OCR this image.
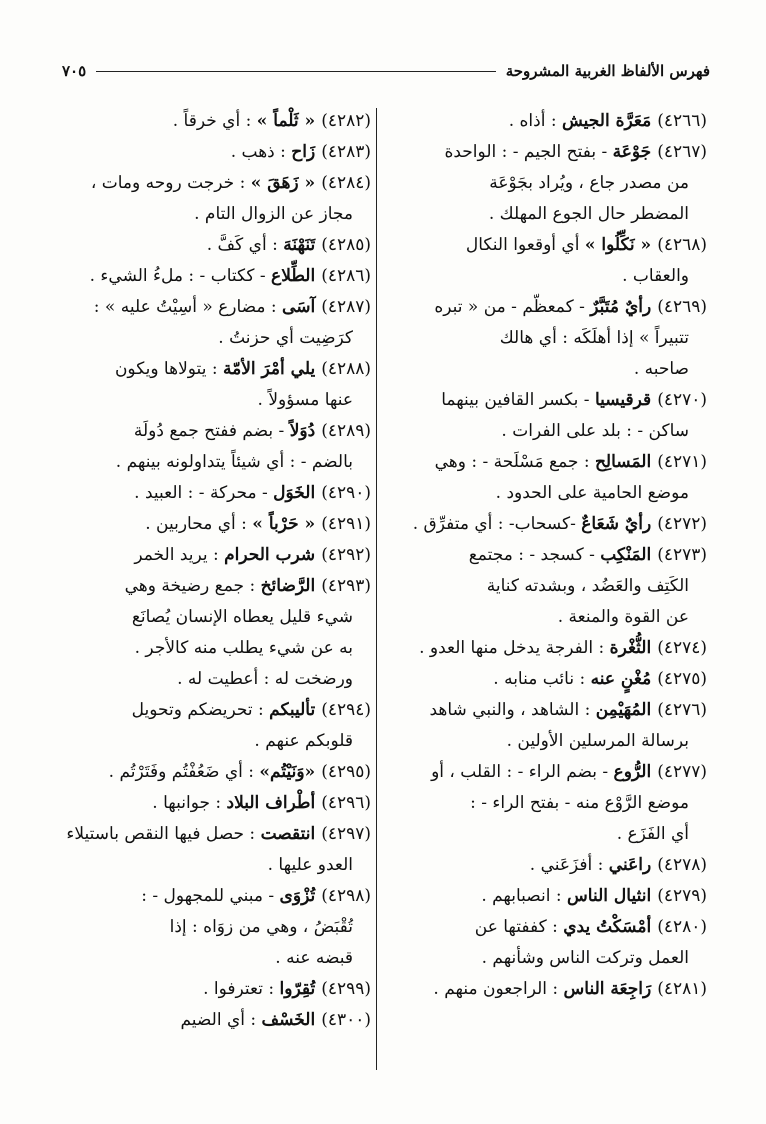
فهرس الألفاظ الغربية المشروحة
٧٠٥
(٤٢٦٦)مَعَرَّة الجيش : أذاه .
(٤٢٦٧)جَوْعَة - بفتح الجيم - : الواحدة
من مصدر جاع ، ويُراد بجَوْعَة
المضطر حال الجوع المهلك .
(٤٢٦٨)« نَكِّلُوا » أي أوقعوا النكال
والعقاب .
(٤٢٦٩)رأيٌ مُتَبَّرٌ - كمعظّم - من « تبره
تتبيراً » إذا أهلَكَه : أي هالك
صاحبه .
(٤٢٧٠)قرقيسيا - بكسر القافين بينهما
ساكن - : بلد على الفرات .
(٤٢٧١)المَسالِح : جمع مَسْلَحة - : وهي
موضع الحامية على الحدود .
(٤٢٧٢)رأيٌ شَعَاعٌ -كسحاب- : أي متفرِّق .
(٤٢٧٣)المَنْكِب - كسجد - : مجتمع
الكَتِف والعَضُد ، وبشدته كناية
عن القوة والمنعة .
(٤٢٧٤)الثُّغْرة : الفرجة يدخل منها العدو .
(٤٢٧٥)مُغْنٍ عنه : نائب منابه .
(٤٢٧٦)المُهَيْمِن : الشاهد ، والنبي شاهد
برسالة المرسلين الأولين .
(٤٢٧٧)الرُّوع - بضم الراء - : القلب ، أو
موضع الرَّوْع منه - بفتح الراء - :
أي الفَزَع .
(٤٢٧٨)راعَني : أفزَعَني .
(٤٢٧٩)انثيال الناس : انصبابهم .
(٤٢٨٠)أمْسَكْتُ يدي : كففتها عن
العمل وتركت الناس وشأنهم .
(٤٢٨١)رَاجِعَة الناس : الراجعون منهم .
(٤٢٨٢)« ثَلْماً » : أي خرقاً .
(٤٢٨٣)زَاح : ذهب .
(٤٢٨٤)« زَهَقَ » : خرجت روحه ومات ،
مجاز عن الزوال التام .
(٤٢٨٥)تَنَهْنَهَ : أي كَفَّ .
(٤٢٨٦)الطِّلاع - ككتاب - : ملءُ الشيء .
(٤٢٨٧)آسَى : مضارع « أسِيْتُ عليه » :
كرَضِيت أي حزنتُ .
(٤٢٨٨)يلي أمْرَ الأمّة : يتولاها ويكون
عنها مسؤولاً .
(٤٢٨٩)دُوَلاً - بضم ففتح جمع دُولَة
بالضم - : أي شيئاً يتداولونه بينهم .
(٤٢٩٠)الخَوَل - محركة - : العبيد .
(٤٢٩١)« حَرْباً » : أي محاربين .
(٤٢٩٢)شرب الحرام : يريد الخمر
(٤٢٩٣)الرَّضائخ : جمع رضيخة وهي
شيء قليل يعطاه الإنسان يُصانَع
به عن شيء يطلب منه كالأجر .
ورضخت له : أعطيت له .
(٤٢٩٤)تأليبكم : تحريضكم وتحويل
قلوبكم عنهم .
(٤٢٩٥)«وَنَيْتُم» : أي ضَعُفْتُم وفَتَرْتُم .
(٤٢٩٦)أطْراف البلاد : جوانبها .
(٤٢٩٧)انتقصت : حصل فيها النقص باستيلاء
العدو عليها .
(٤٢٩٨)تُزْوَى - مبني للمجهول - :
تُقْبَضُ ، وهي من زوَاه : إذا
قبضه عنه .
(٤٢٩٩)تُقِرّوا : تعترفوا .
(٤٣٠٠)الخَسْف : أي الضيم
